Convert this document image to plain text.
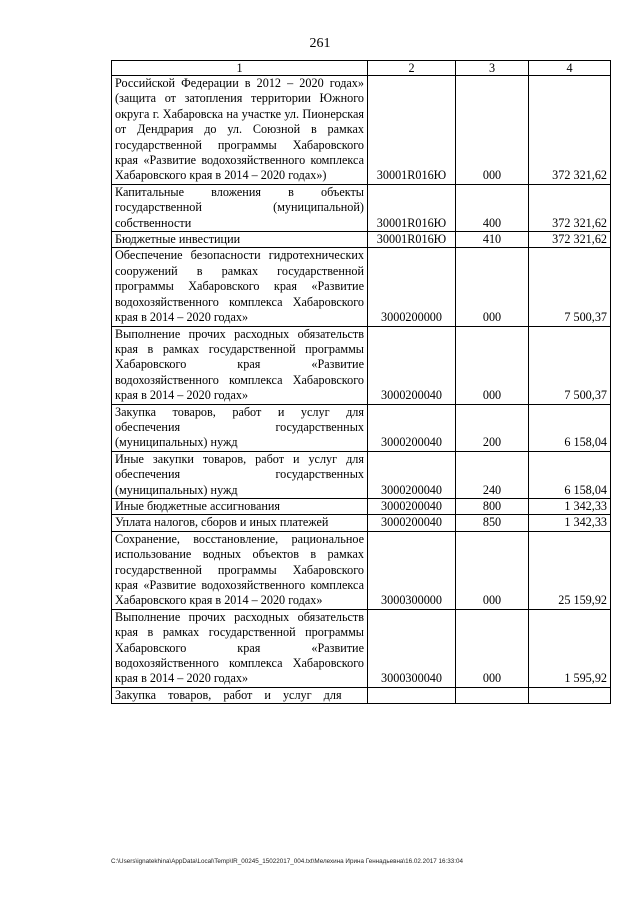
261
1	2	3	4
Российской Федерации в 2012 – 2020 годах» (защита от затопления территории Южного округа г. Хабаровска на участке ул. Пионерская от Дендрария до ул. Союзной в рамках государственной программы Хабаровского края «Развитие водохозяйственного комплекса Хабаровского края в 2014 – 2020 годах»)	30001R016Ю	000	372 321,62
Капитальные вложения в объекты государственной (муниципальной) собственности	30001R016Ю	400	372 321,62
Бюджетные инвестиции	30001R016Ю	410	372 321,62
Обеспечение безопасности гидротехнических сооружений в рамках государственной программы Хабаровского края «Развитие водохозяйственного комплекса Хабаровского края в 2014 – 2020 годах»	3000200000	000	7 500,37
Выполнение прочих расходных обязательств края в рамках государственной программы Хабаровского края «Развитие водохозяйственного комплекса Хабаровского края в 2014 – 2020 годах»	3000200040	000	7 500,37
Закупка товаров, работ и услуг для обеспечения государственных (муниципальных) нужд	3000200040	200	6 158,04
Иные закупки товаров, работ и услуг для обеспечения государственных (муниципальных) нужд	3000200040	240	6 158,04
Иные бюджетные ассигнования	3000200040	800	1 342,33
Уплата налогов, сборов и иных платежей	3000200040	850	1 342,33
Сохранение, восстановление, рациональное использование водных объектов в рамках государственной программы Хабаровского края «Развитие водохозяйственного комплекса Хабаровского края в 2014 – 2020 годах»	3000300000	000	25 159,92
Выполнение прочих расходных обязательств края в рамках государственной программы Хабаровского края «Развитие водохозяйственного комплекса Хабаровского края в 2014 – 2020 годах»	3000300040	000	1 595,92
Закупка товаров, работ и услуг для			
C:\Users\ignatekhina\AppData\Local\Temp\IR_00245_15022017_004.txt\Мелехина Ирина Геннадьевна\16.02.2017 16:33:04
